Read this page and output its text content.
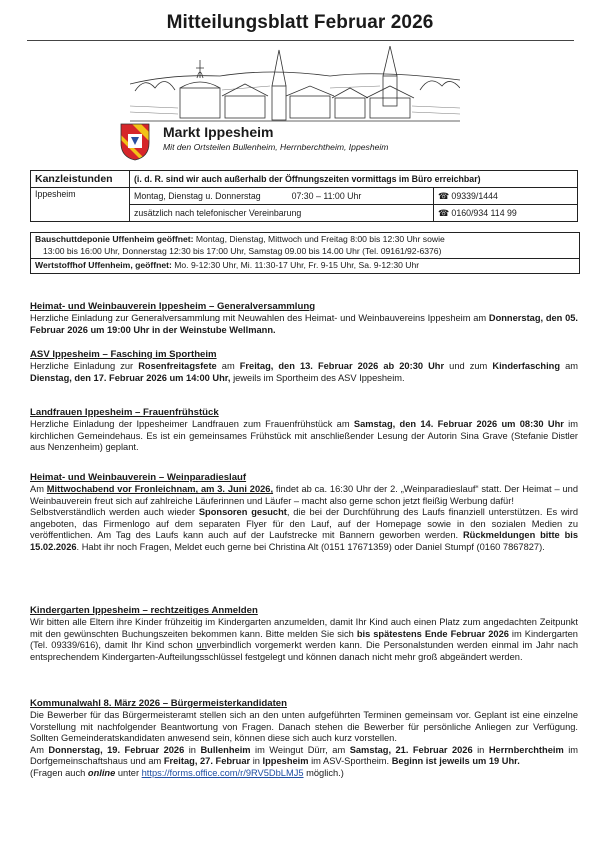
Mitteilungsblatt Februar 2026
Markt Ippesheim
Mit den Ortsteilen Bullenheim, Herrnberchtheim, Ippesheim
Kanzleistunden	(i. d. R. sind wir auch außerhalb der Öffnungszeiten vormittags im Büro erreichbar)	
Ippesheim	Montag, Dienstag u. Donnerstag 07:30 – 11:00 Uhr	☎ 09339/1444
	zusätzlich nach telefonischer Vereinbarung	☎ 0160/934 114 99
Bauschuttdeponie Uffenheim geöffnet: Montag, Dienstag, Mittwoch und Freitag 8:00 bis 12:30 Uhr sowie
13:00 bis 16:00 Uhr, Donnerstag 12:30 bis 17:00 Uhr, Samstag 09.00 bis 14.00 Uhr (Tel. 09161/92-6376)
Wertstoffhof Uffenheim, geöffnet: Mo. 9-12:30 Uhr, Mi. 11:30-17 Uhr, Fr. 9-15 Uhr, Sa. 9-12:30 Uhr
Heimat- und Weinbauverein Ippesheim – Generalversammlung

Herzliche Einladung zur Generalversammlung mit Neuwahlen des Heimat- und Weinbauvereins Ippesheim am Donnerstag, den 05. Februar 2026 um 19:00 Uhr in der Weinstube Wellmann.

ASV Ippesheim – Fasching im Sportheim

Herzliche Einladung zur Rosenfreitagsfete am Freitag, den 13. Februar 2026 ab 20:30 Uhr und zum Kinderfasching am Dienstag, den 17. Februar 2026 um 14:00 Uhr, jeweils im Sportheim des ASV Ippesheim.

Landfrauen Ippesheim – Frauenfrühstück

Herzliche Einladung der Ippesheimer Landfrauen zum Frauenfrühstück am Samstag, den 14. Februar 2026 um 08:30 Uhr im kirchlichen Gemeindehaus. Es ist ein gemeinsames Frühstück mit anschließender Lesung der Autorin Sina Grave (Stefanie Distler aus Nenzenheim) geplant.

Heimat- und Weinbauverein – Weinparadieslauf

Am Mittwochabend vor Fronleichnam, am 3. Juni 2026, findet ab ca. 16:30 Uhr der 2. „Weinparadieslauf“ statt. Der Heimat – und Weinbauverein freut sich auf zahlreiche Läuferinnen und Läufer – macht also gerne schon jetzt fleißig Werbung dafür!

Selbstverständlich werden auch wieder Sponsoren gesucht, die bei der Durchführung des Laufs finanziell unterstützen. Es wird angeboten, das Firmenlogo auf dem separaten Flyer für den Lauf, auf der Homepage sowie in den sozialen Medien zu veröffentlichen. Am Tag des Laufs kann auch auf der Laufstrecke mit Bannern geworben werden. Rückmeldungen bitte bis 15.02.2026. Habt ihr noch Fragen, Meldet euch gerne bei Christina Alt (0151 17671359) oder Daniel Stumpf (0160 7867827).

Kindergarten Ippesheim – rechtzeitiges Anmelden

Wir bitten alle Eltern ihre Kinder frühzeitig im Kindergarten anzumelden, damit Ihr Kind auch einen Platz zum angedachten Zeitpunkt mit den gewünschten Buchungszeiten bekommen kann. Bitte melden Sie sich bis spätestens Ende Februar 2026 im Kindergarten (Tel. 09339/616), damit Ihr Kind schon unverbindlich vorgemerkt werden kann. Die Personalstunden werden einmal im Jahr nach entsprechendem Kindergarten-Aufteilungsschlüssel festgelegt und können danach nicht mehr groß abgeändert werden.

Kommunalwahl 8. März 2026 – Bürgermeisterkandidaten

Die Bewerber für das Bürgermeisteramt stellen sich an den unten aufgeführten Terminen gemeinsam vor. Geplant ist eine einzelne Vorstellung mit nachfolgender Beantwortung von Fragen. Danach stehen die Bewerber für persönliche Anliegen zur Verfügung. Sollten Gemeinderatskandidaten anwesend sein, können diese sich auch kurz vorstellen.

Am Donnerstag, 19. Februar 2026 in Bullenheim im Weingut Dürr, am Samstag, 21. Februar 2026 in Herrnberchtheim im Dorfgemeinschaftshaus und am Freitag, 27. Februar in Ippesheim im ASV-Sportheim. Beginn ist jeweils um 19 Uhr.

(Fragen auch online unter https://forms.office.com/r/9RV5DbLMJ5 möglich.)
